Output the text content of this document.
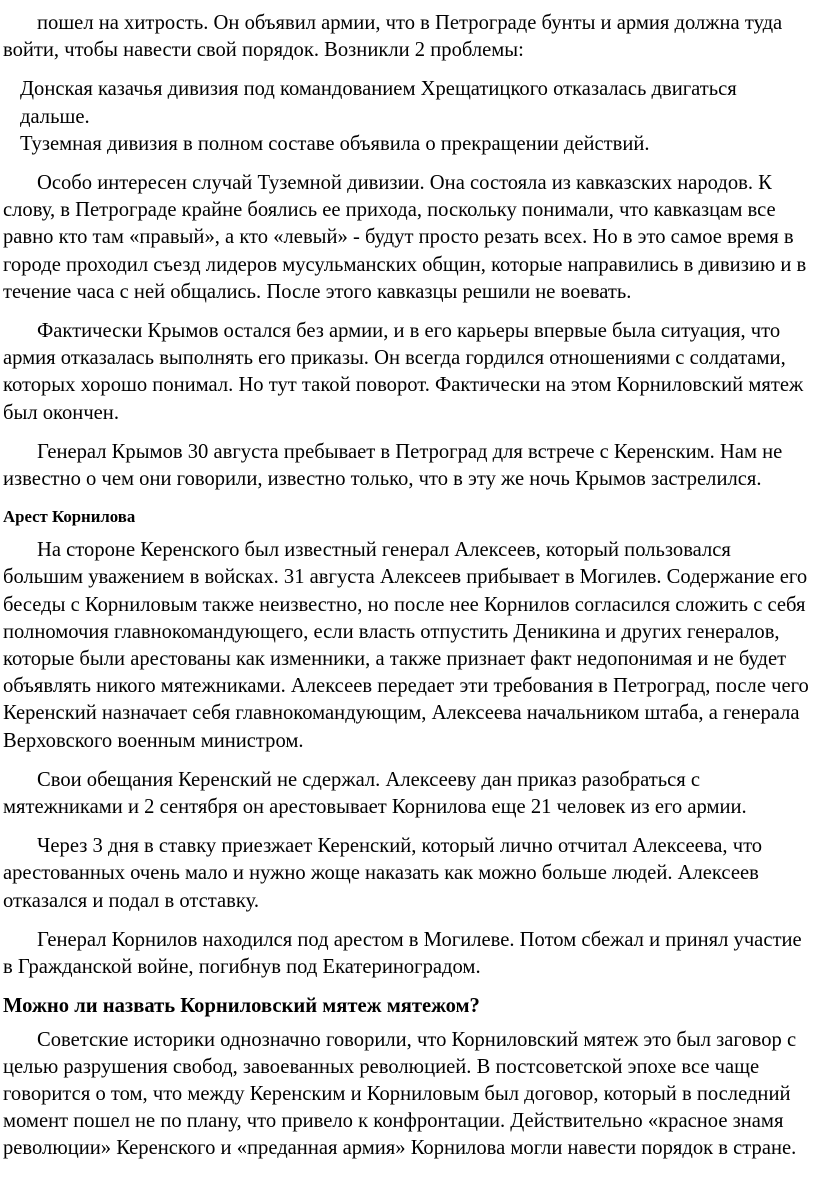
пошел на хитрость. Он объявил армии, что в Петрограде бунты и армия должна туда войти, чтобы навести свой порядок. Возникли 2 проблемы:

Донская казачья дивизия под командованием Хрещатицкого отказалась двигаться дальше.

Туземная дивизия в полном составе объявила о прекращении действий.

Особо интересен случай Туземной дивизии. Она состояла из кавказских народов. К слову, в Петрограде крайне боялись ее прихода, поскольку понимали, что кавказцам все равно кто там «правый», а кто «левый» - будут просто резать всех. Но в это самое время в городе проходил съезд лидеров мусульманских общин, которые направились в дивизию и в течение часа с ней общались. После этого кавказцы решили не воевать.

Фактически Крымов остался без армии, и в его карьеры впервые была ситуация, что армия отказалась выполнять его приказы. Он всегда гордился отношениями с солдатами, которых хорошо понимал. Но тут такой поворот. Фактически на этом Корниловский мятеж был окончен.

Генерал Крымов 30 августа пребывает в Петроград для встрече с Керенским. Нам не известно о чем они говорили, известно только, что в эту же ночь Крымов застрелился.

Арест Корнилова

На стороне Керенского был известный генерал Алексеев, который пользовался большим уважением в войсках. 31 августа Алексеев прибывает в Могилев. Содержание его беседы с Корниловым также неизвестно, но после нее Корнилов согласился сложить с себя полномочия главнокомандующего, если власть отпустить Деникина и других генералов, которые были арестованы как изменники, а также признает факт недопонимая и не будет объявлять никого мятежниками. Алексеев передает эти требования в Петроград, после чего Керенский назначает себя главнокомандующим, Алексеева начальником штаба, а генерала Верховского военным министром.

Свои обещания Керенский не сдержал. Алексееву дан приказ разобраться с мятежниками и 2 сентября он арестовывает Корнилова еще 21 человек из его армии.

Через 3 дня в ставку приезжает Керенский, который лично отчитал Алексеева, что арестованных очень мало и нужно жоще наказать как можно больше людей. Алексеев отказался и подал в отставку.

Генерал Корнилов находился под арестом в Могилеве. Потом сбежал и принял участие в Гражданской войне, погибнув под Екатериноградом.

Можно ли назвать Корниловский мятеж мятежом?

Советские историки однозначно говорили, что Корниловский мятеж это был заговор с целью разрушения свобод, завоеванных революцией. В постсоветской эпохе все чаще говорится о том, что между Керенским и Корниловым был договор, который в последний момент пошел не по плану, что привело к конфронтации. Действительно «красное знамя революции» Керенского и «преданная армия» Корнилова могли навести порядок в стране.
